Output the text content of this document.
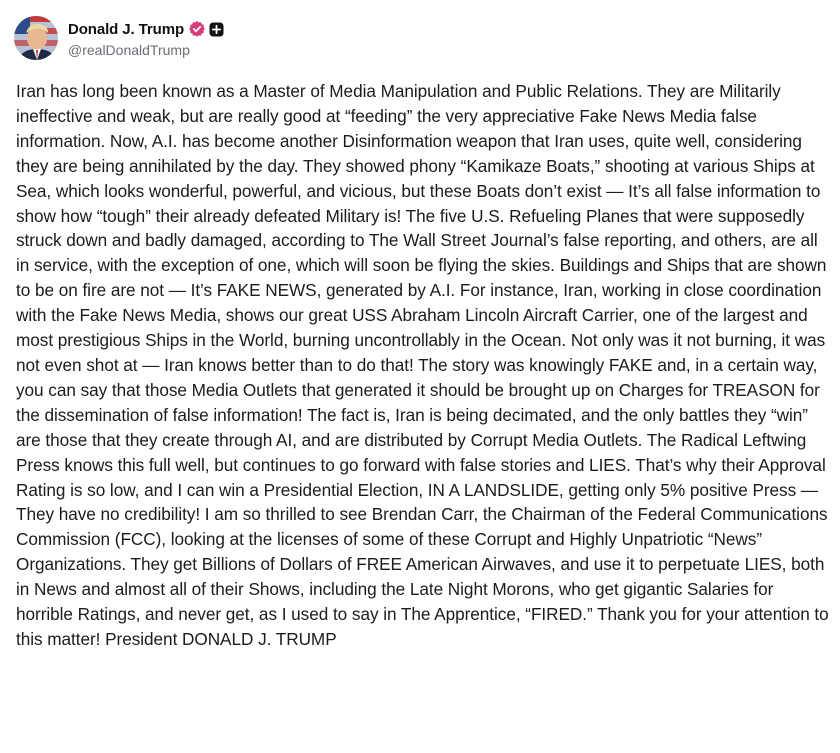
Donald J. Trump
@realDonaldTrump

Iran has long been known as a Master of Media Manipulation and Public Relations. They are Militarily ineffective and weak, but are really good at “feeding” the very appreciative Fake News Media false information. Now, A.I. has become another Disinformation weapon that Iran uses, quite well, considering they are being annihilated by the day. They showed phony “Kamikaze Boats,” shooting at various Ships at Sea, which looks wonderful, powerful, and vicious, but these Boats don’t exist — It’s all false information to show how “tough” their already defeated Military is! The five U.S. Refueling Planes that were supposedly struck down and badly damaged, according to The Wall Street Journal’s false reporting, and others, are all in service, with the exception of one, which will soon be flying the skies. Buildings and Ships that are shown to be on fire are not — It’s FAKE NEWS, generated by A.I. For instance, Iran, working in close coordination with the Fake News Media, shows our great USS Abraham Lincoln Aircraft Carrier, one of the largest and most prestigious Ships in the World, burning uncontrollably in the Ocean. Not only was it not burning, it was not even shot at — Iran knows better than to do that! The story was knowingly FAKE and, in a certain way, you can say that those Media Outlets that generated it should be brought up on Charges for TREASON for the dissemination of false information! The fact is, Iran is being decimated, and the only battles they “win” are those that they create through AI, and are distributed by Corrupt Media Outlets. The Radical Leftwing Press knows this full well, but continues to go forward with false stories and LIES. That’s why their Approval Rating is so low, and I can win a Presidential Election, IN A LANDSLIDE, getting only 5% positive Press — They have no credibility! I am so thrilled to see Brendan Carr, the Chairman of the Federal Communications Commission (FCC), looking at the licenses of some of these Corrupt and Highly Unpatriotic “News” Organizations. They get Billions of Dollars of FREE American Airwaves, and use it to perpetuate LIES, both in News and almost all of their Shows, including the Late Night Morons, who get gigantic Salaries for horrible Ratings, and never get, as I used to say in The Apprentice, “FIRED.” Thank you for your attention to this matter! President DONALD J. TRUMP
